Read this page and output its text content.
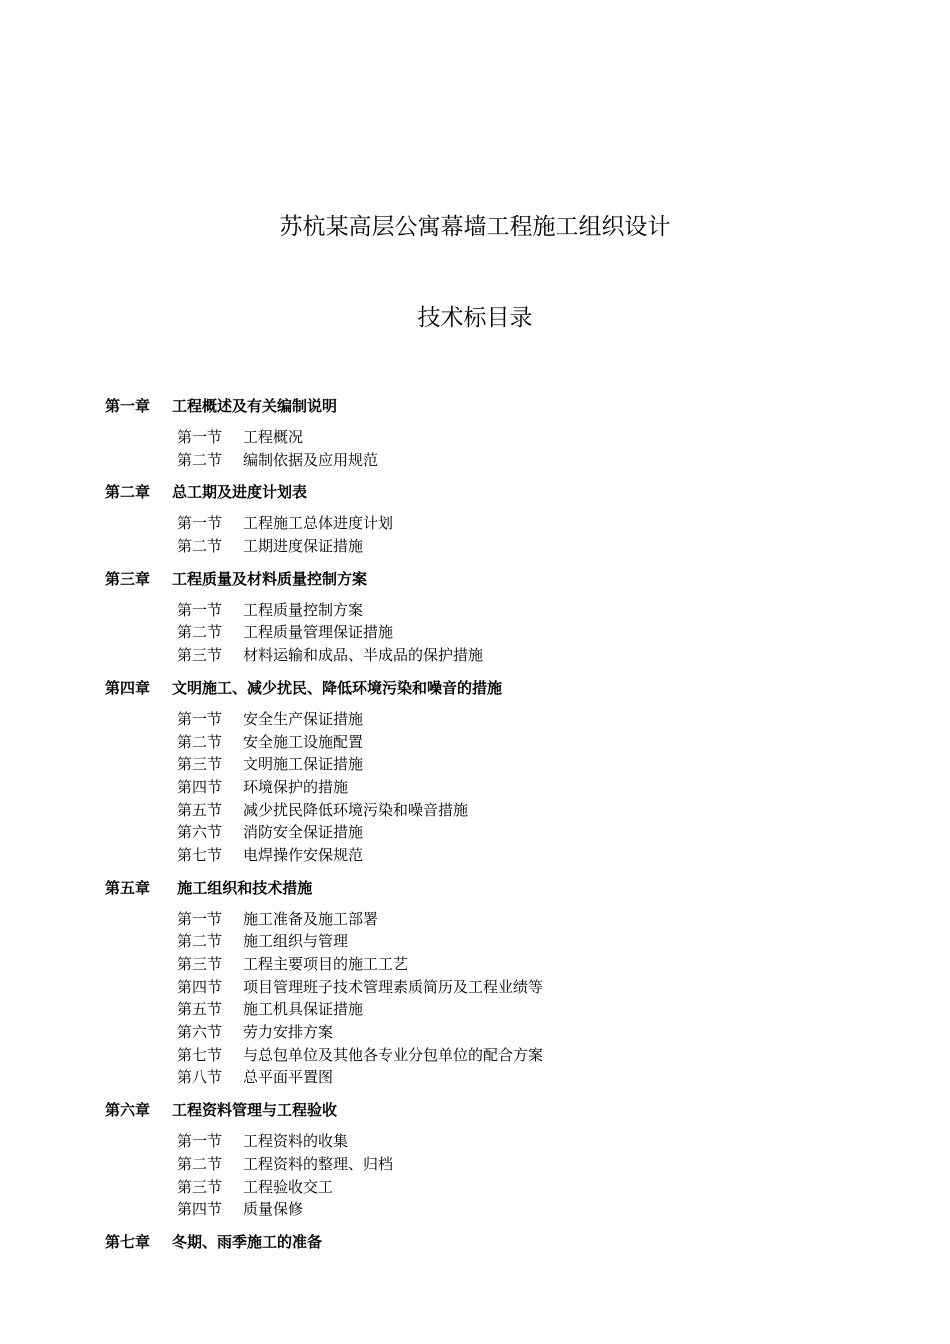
苏杭某高层公寓幕墙工程施工组织设计
技术标目录
第一章 工程概述及有关编制说明
第一节 工程概况
第二节 编制依据及应用规范
第二章 总工期及进度计划表
第一节 工程施工总体进度计划
第二节 工期进度保证措施
第三章 工程质量及材料质量控制方案
第一节 工程质量控制方案
第二节 工程质量管理保证措施
第三节 材料运输和成品、半成品的保护措施
第四章 文明施工、减少扰民、降低环境污染和噪音的措施
第一节 安全生产保证措施
第二节 安全施工设施配置
第三节 文明施工保证措施
第四节 环境保护的措施
第五节 减少扰民降低环境污染和噪音措施
第六节 消防安全保证措施
第七节 电焊操作安保规范
第五章 施工组织和技术措施
第一节 施工准备及施工部署
第二节 施工组织与管理
第三节 工程主要项目的施工工艺
第四节 项目管理班子技术管理素质简历及工程业绩等
第五节 施工机具保证措施
第六节 劳力安排方案
第七节 与总包单位及其他各专业分包单位的配合方案
第八节 总平面平置图
第六章 工程资料管理与工程验收
第一节 工程资料的收集
第二节 工程资料的整理、归档
第三节 工程验收交工
第四节 质量保修
第七章 冬期、雨季施工的准备
